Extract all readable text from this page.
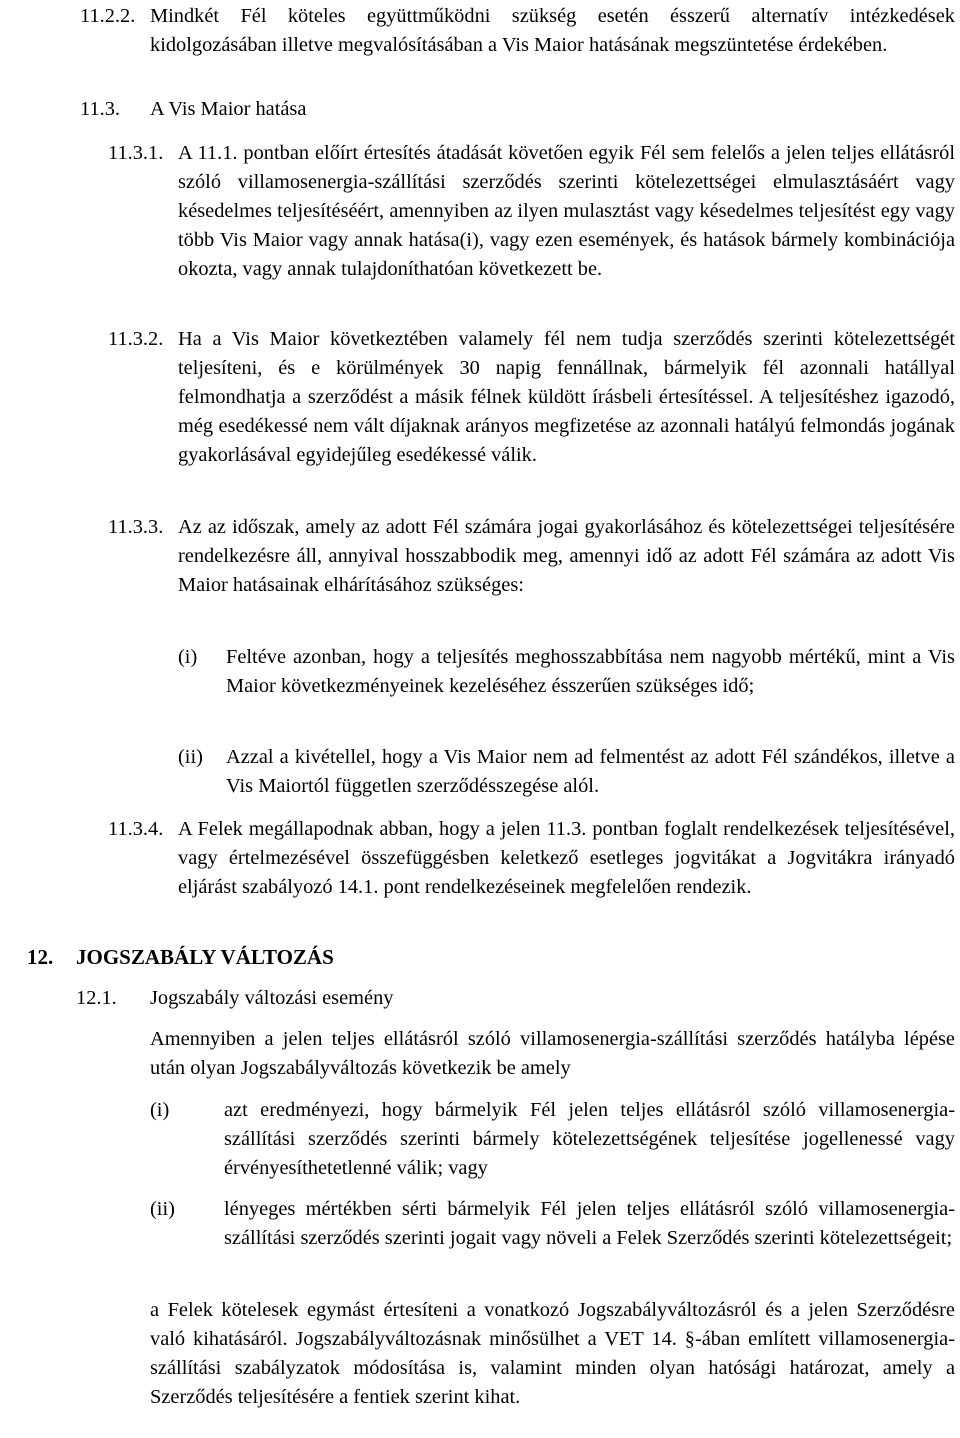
11.2.2. Mindkét Fél köteles együttműködni szükség esetén ésszerű alternatív intézkedések kidolgozásában illetve megvalósításában a Vis Maior hatásának megszüntetése érdekében.
11.3. A Vis Maior hatása
11.3.1. A 11.1. pontban előírt értesítés átadását követően egyik Fél sem felelős a jelen teljes ellátásról szóló villamosenergia-szállítási szerződés szerinti kötelezettségei elmulasztásáért vagy késedelmes teljesítéséért, amennyiben az ilyen mulasztást vagy késedelmes teljesítést egy vagy több Vis Maior vagy annak hatása(i), vagy ezen események, és hatások bármely kombinációja okozta, vagy annak tulajdoníthatóan következett be.
11.3.2. Ha a Vis Maior következtében valamely fél nem tudja szerződés szerinti kötelezettségét teljesíteni, és e körülmények 30 napig fennállnak, bármelyik fél azonnali hatállyal felmondhatja a szerződést a másik félnek küldött írásbeli értesítéssel. A teljesítéshez igazodó, még esedékessé nem vált díjaknak arányos megfizetése az azonnali hatályú felmondás jogának gyakorlásával egyidejűleg esedékessé válik.
11.3.3. Az az időszak, amely az adott Fél számára jogai gyakorlásához és kötelezettségei teljesítésére rendelkezésre áll, annyival hosszabbodik meg, amennyi idő az adott Fél számára az adott Vis Maior hatásainak elhárításához szükséges:
(i) Feltéve azonban, hogy a teljesítés meghosszabbítása nem nagyobb mértékű, mint a Vis Maior következményeinek kezeléséhez ésszerűen szükséges idő;
(ii) Azzal a kivétellel, hogy a Vis Maior nem ad felmentést az adott Fél szándékos, illetve a Vis Maiortól független szerződésszegése alól.
11.3.4. A Felek megállapodnak abban, hogy a jelen 11.3. pontban foglalt rendelkezések teljesítésével, vagy értelmezésével összefüggésben keletkező esetleges jogvitákat a Jogvitákra irányadó eljárást szabályozó 14.1. pont rendelkezéseinek megfelelően rendezik.
12. JOGSZABÁLY VÁLTOZÁS
12.1. Jogszabály változási esemény
Amennyiben a jelen teljes ellátásról szóló villamosenergia-szállítási szerződés hatályba lépése után olyan Jogszabályváltozás következik be amely
(i)	azt eredményezi, hogy bármelyik Fél jelen teljes ellátásról szóló villamosenergia-szállítási szerződés szerinti bármely kötelezettségének teljesítése jogellenessé vagy érvényesíthetetlenné válik; vagy
(ii) lényeges mértékben sérti bármelyik Fél jelen teljes ellátásról szóló villamosenergia-szállítási szerződés szerinti jogait vagy növeli a Felek Szerződés szerinti kötelezettségeit;
a Felek kötelesek egymást értesíteni a vonatkozó Jogszabályváltozásról és a jelen Szerződésre való kihatásáról. Jogszabályváltozásnak minősülhet a VET 14. §-ában említett villamosenergia-szállítási szabályzatok módosítása is, valamint minden olyan hatósági határozat, amely a Szerződés teljesítésére a fentiek szerint kihat.
